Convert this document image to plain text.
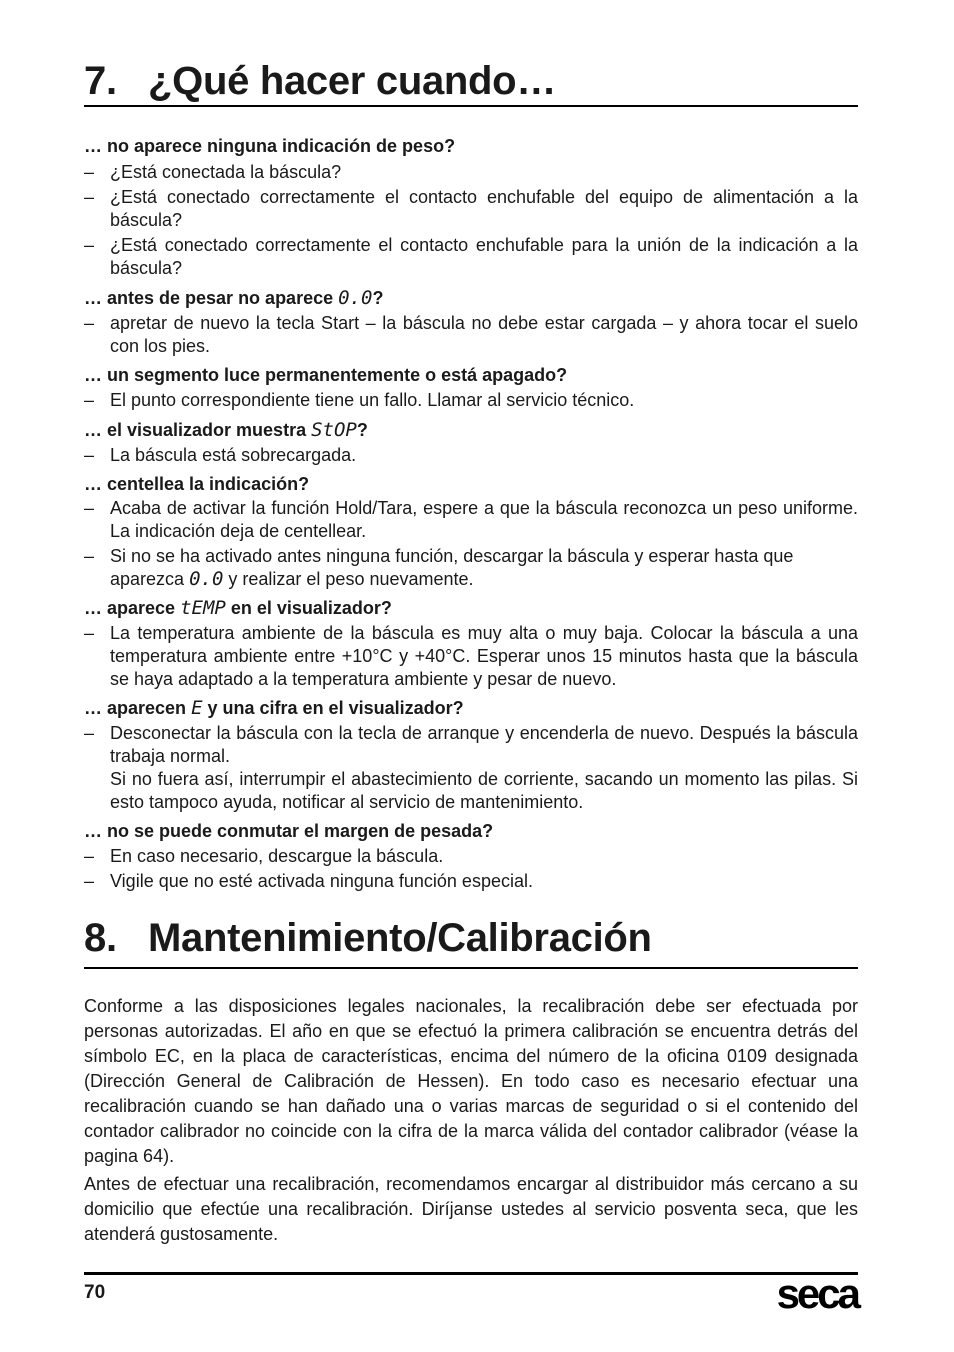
7. ¿Qué hacer cuando…
… no aparece ninguna indicación de peso?
– ¿Está conectada la báscula?
– ¿Está conectado correctamente el contacto enchufable del equipo de alimentación a la báscula?
– ¿Está conectado correctamente el contacto enchufable para la unión de la indicación a la báscula?
… antes de pesar no aparece 0.0?
– apretar de nuevo la tecla Start – la báscula no debe estar cargada – y ahora tocar el suelo con los pies.
… un segmento luce permanentemente o está apagado?
– El punto correspondiente tiene un fallo. Llamar al servicio técnico.
… el visualizador muestra StOP?
– La báscula está sobrecargada.
… centellea la indicación?
– Acaba de activar la función Hold/Tara, espere a que la báscula reconozca un peso uniforme. La indicación deja de centellear.
– Si no se ha activado antes ninguna función, descargar la báscula y esperar hasta que
aparezca 0.0 y realizar el peso nuevamente.
… aparece tEMP en el visualizador?
– La temperatura ambiente de la báscula es muy alta o muy baja. Colocar la báscula a una temperatura ambiente entre +10°C y +40°C. Esperar unos 15 minutos hasta que la báscula se haya adaptado a la temperatura ambiente y pesar de nuevo.
… aparecen E y una cifra en el visualizador?
– Desconectar la báscula con la tecla de arranque y encenderla de nuevo. Después la báscula trabaja normal.
Si no fuera así, interrumpir el abastecimiento de corriente, sacando un momento las pilas. Si esto tampoco ayuda, notificar al servicio de mantenimiento.
… no se puede conmutar el margen de pesada?
– En caso necesario, descargue la báscula.
– Vigile que no esté activada ninguna función especial.
8. Mantenimiento/Calibración
Conforme a las disposiciones legales nacionales, la recalibración debe ser efectuada por personas autorizadas. El año en que se efectuó la primera calibración se encuentra detrás del símbolo EC, en la placa de características, encima del número de la oficina 0109 designada (Dirección General de Calibración de Hessen). En todo caso es necesario efectuar una recalibración cuando se han dañado una o varias marcas de seguridad o si el contenido del contador calibrador no coincide con la cifra de la marca válida del contador calibrador (véase la pagina 64).
Antes de efectuar una recalibración, recomendamos encargar al distribuidor más cercano a su domicilio que efectúe una recalibración. Diríjanse ustedes al servicio posventa seca, que les atenderá gustosamente.
70	seca
